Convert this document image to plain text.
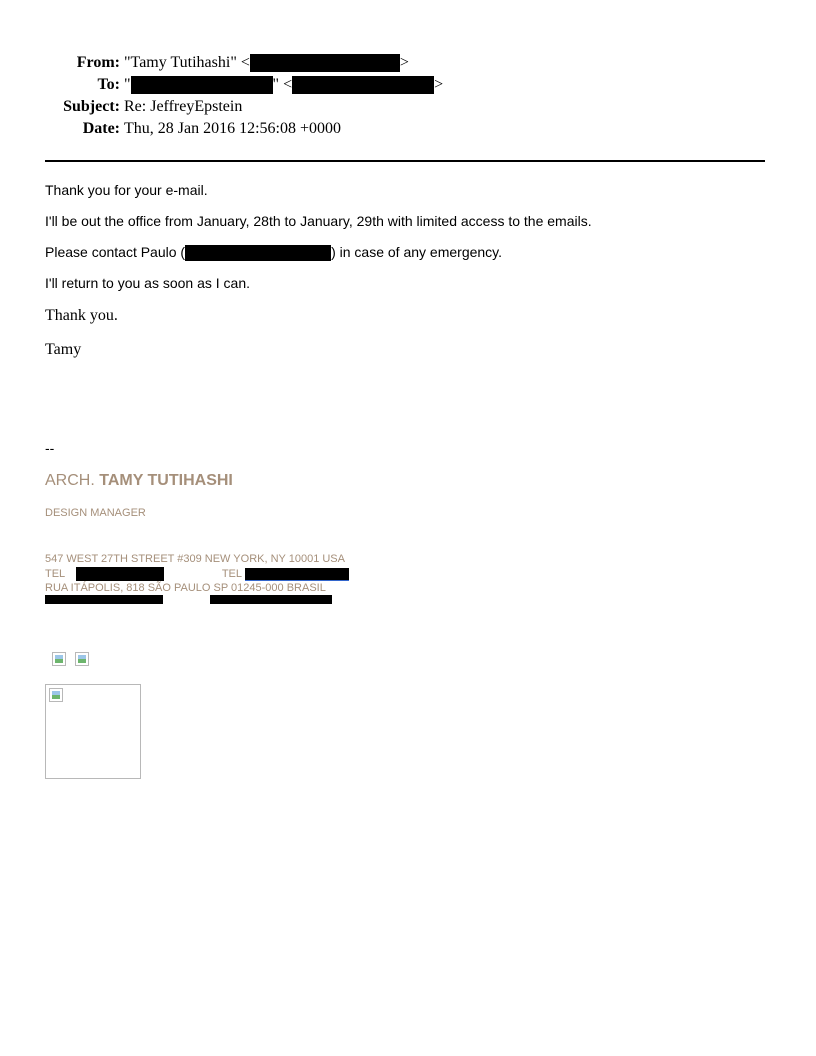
From: "Tamy Tutihashi" <	>
To: "	" <	>
Subject: Re: JeffreyEpstein
Date: Thu, 28 Jan 2016 12:56:08 +0000
Thank you for your e-mail.
I'll be out the office from January, 28th to January, 29th with limited access to the emails.
Please contact Paulo (	) in case of any emergency.
I'll return to you as soon as I can.
Thank you.
Tamy
--
ARCH. TAMY TUTIHASHI
DESIGN MANAGER
547 WEST 27TH STREET #309 NEW YORK, NY 10001 USA
TEL	TEL
RUA ITÁPOLIS, 818 SÃO PAULO SP 01245-000 BRASIL
